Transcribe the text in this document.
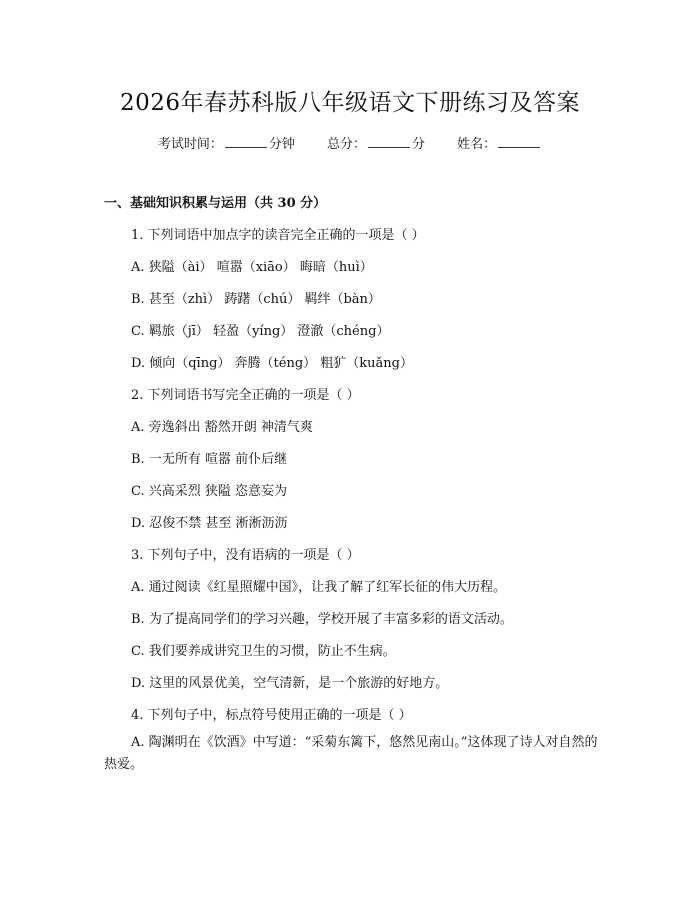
2026年春苏科版八年级语文下册练习及答案
考试时间：	分钟 总分：	分 姓名：
一、基础知识积累与运用（共 30 分）
1. 下列词语中加点字的读音完全正确的一项是（ ）
A. 狭隘（ài） 喧嚣（xiāo） 晦暗（huì）
B. 甚至（zhì） 踌躇（chú） 羁绊（bàn）
C. 羁旅（jī） 轻盈（yíng） 澄澈（chéng）
D. 倾向（qīng） 奔腾（téng） 粗犷（kuǎng）
2. 下列词语书写完全正确的一项是（ ）
A. 旁逸斜出 豁然开朗 神清气爽
B. 一无所有 喧嚣 前仆后继
C. 兴高采烈 狭隘 恣意妄为
D. 忍俊不禁 甚至 淅淅沥沥
3. 下列句子中，没有语病的一项是（ ）
A. 通过阅读《红星照耀中国》，让我了解了红军长征的伟大历程。
B. 为了提高同学们的学习兴趣，学校开展了丰富多彩的语文活动。
C. 我们要养成讲究卫生的习惯，防止不生病。
D. 这里的风景优美，空气清新，是一个旅游的好地方。
4. 下列句子中，标点符号使用正确的一项是（ ）
A. 陶渊明在《饮酒》中写道：“采菊东篱下，悠然见南山。”这体现了诗人对自然的热爱。
